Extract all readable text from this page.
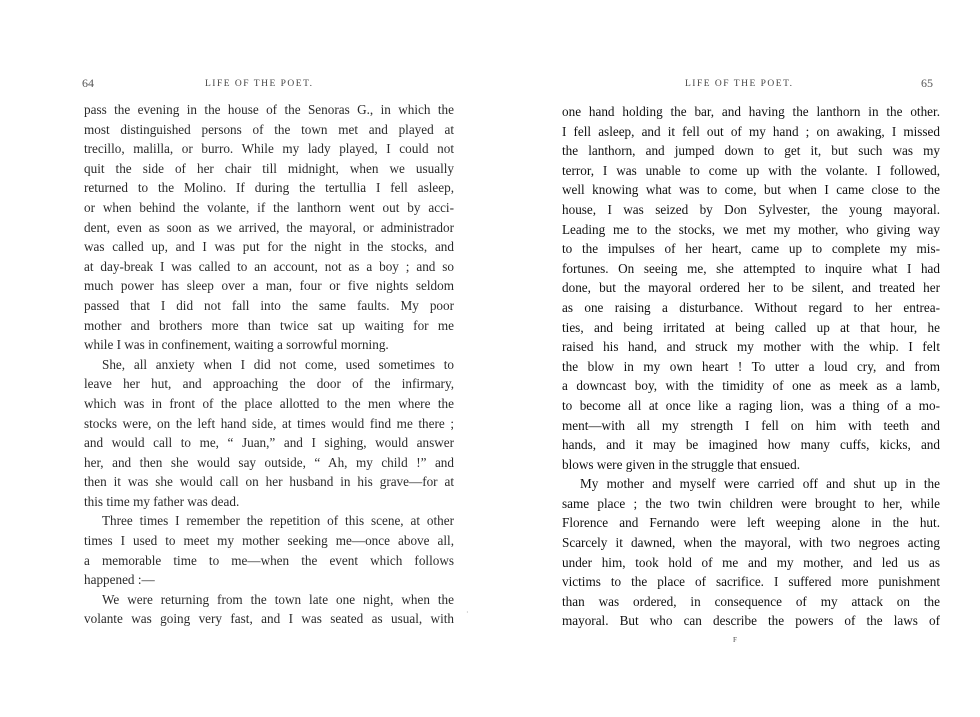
64	LIFE OF THE POET.
pass the evening in the house of the Senoras G., in which the
most distinguished persons of the town met and played at
trecillo, malilla, or burro. While my lady played, I could not
quit the side of her chair till midnight, when we usually
returned to the Molino. If during the tertullia I fell asleep,
or when behind the volante, if the lanthorn went out by acci-
dent, even as soon as we arrived, the mayoral, or administrador
was called up, and I was put for the night in the stocks, and
at day-break I was called to an account, not as a boy ; and so
much power has sleep over a man, four or five nights seldom
passed that I did not fall into the same faults. My poor
mother and brothers more than twice sat up waiting for me
while I was in confinement, waiting a sorrowful morning.
She, all anxiety when I did not come, used sometimes to
leave her hut, and approaching the door of the infirmary,
which was in front of the place allotted to the men where the
stocks were, on the left hand side, at times would find me there ;
and would call to me, “ Juan,” and I sighing, would answer
her, and then she would say outside, “ Ah, my child !” and
then it was she would call on her husband in his grave—for at
this time my father was dead.
Three times I remember the repetition of this scene, at other
times I used to meet my mother seeking me—once above all,
a memorable time to me—when the event which follows
happened :—
We were returning from the town late one night, when the
volante was going very fast, and I was seated as usual, with ·
LIFE OF THE POET.	65
one hand holding the bar, and having the lanthorn in the other.
I fell asleep, and it fell out of my hand ; on awaking, I missed
the lanthorn, and jumped down to get it, but such was my
terror, I was unable to come up with the volante. I followed,
well knowing what was to come, but when I came close to the
house, I was seized by Don Sylvester, the young mayoral.
Leading me to the stocks, we met my mother, who giving way
to the impulses of her heart, came up to complete my mis-
fortunes. On seeing me, she attempted to inquire what I had
done, but the mayoral ordered her to be silent, and treated her
as one raising a disturbance. Without regard to her entrea-
ties, and being irritated at being called up at that hour, he
raised his hand, and struck my mother with the whip. I felt
the blow in my own heart ! To utter a loud cry, and from
a downcast boy, with the timidity of one as meek as a lamb,
to become all at once like a raging lion, was a thing of a mo-
ment—with all my strength I fell on him with teeth and
hands, and it may be imagined how many cuffs, kicks, and
blows were given in the struggle that ensued.
My mother and myself were carried off and shut up in the
same place ; the two twin children were brought to her, while
Florence and Fernando were left weeping alone in the hut.
Scarcely it dawned, when the mayoral, with two negroes acting
under him, took hold of me and my mother, and led us as
victims to the place of sacrifice. I suffered more punishment
than was ordered, in consequence of my attack on the
mayoral. But who can describe the powers of the laws of
F
